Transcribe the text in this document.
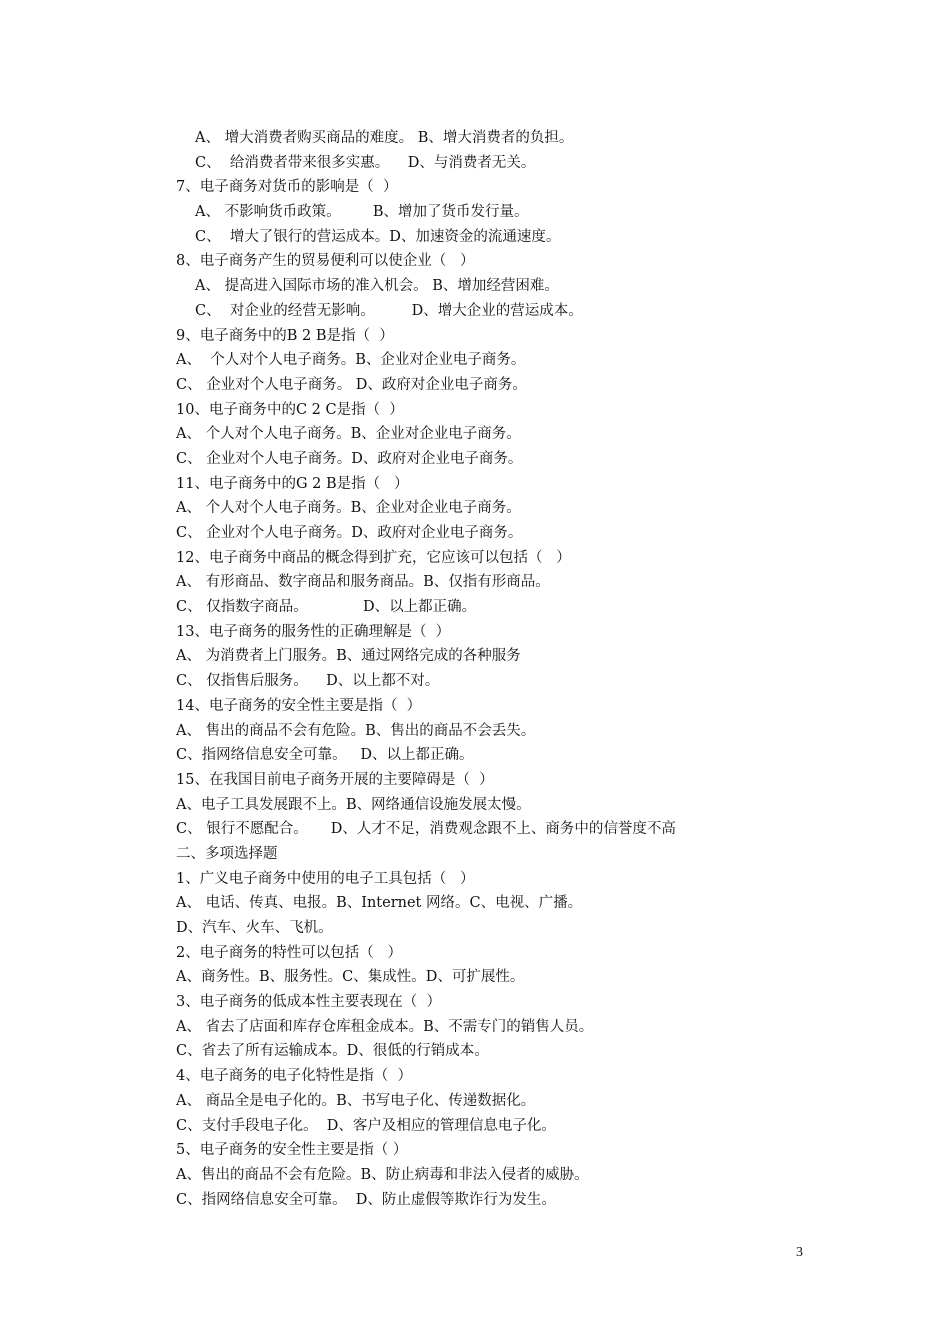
A、 增大消费者购买商品的难度。 B、增大消费者的负担。
C、  给消费者带来很多实惠。    D、与消费者无关。
7、电子商务对货币的影响是（  ）
A、 不影响货币政策。       B、增加了货币发行量。
C、  增大了银行的营运成本。D、加速资金的流通速度。
8、电子商务产生的贸易便利可以使企业（   ）
A、 提高进入国际市场的准入机会。 B、增加经营困难。
C、  对企业的经营无影响。        D、增大企业的营运成本。
9、电子商务中的B 2 B是指（  ）
A、  个人对个人电子商务。B、企业对企业电子商务。
C、 企业对个人电子商务。 D、政府对企业电子商务。
10、电子商务中的C 2 C是指（  ）
A、 个人对个人电子商务。B、企业对企业电子商务。
C、 企业对个人电子商务。D、政府对企业电子商务。
11、电子商务中的G 2 B是指（   ）
A、 个人对个人电子商务。B、企业对企业电子商务。
C、 企业对个人电子商务。D、政府对企业电子商务。
12、电子商务中商品的概念得到扩充，它应该可以包括（   ）
A、 有形商品、数字商品和服务商品。B、仅指有形商品。
C、 仅指数字商品。            D、以上都正确。
13、电子商务的服务性的正确理解是（  ）
A、 为消费者上门服务。B、通过网络完成的各种服务
C、 仅指售后服务。    D、以上都不对。
14、电子商务的安全性主要是指（  ）
A、 售出的商品不会有危险。B、售出的商品不会丢失。
C、指网络信息安全可靠。   D、以上都正确。
15、在我国目前电子商务开展的主要障碍是（  ）
A、电子工具发展跟不上。B、网络通信设施发展太慢。
C、 银行不愿配合。     D、人才不足，消费观念跟不上、商务中的信誉度不高
二、多项选择题
1、广义电子商务中使用的电子工具包括（   ）
A、 电话、传真、电报。B、Internet 网络。C、电视、广播。
D、汽车、火车、飞机。
2、电子商务的特性可以包括（   ）
A、商务性。B、服务性。C、集成性。D、可扩展性。
3、电子商务的低成本性主要表现在（  ）
A、 省去了店面和库存仓库租金成本。B、不需专门的销售人员。
C、省去了所有运输成本。D、很低的行销成本。
4、电子商务的电子化特性是指（  ）
A、 商品全是电子化的。B、书写电子化、传递数据化。
C、支付手段电子化。  D、客户及相应的管理信息电子化。
5、电子商务的安全性主要是指（ ）
A、售出的商品不会有危险。B、防止病毒和非法入侵者的威胁。
C、指网络信息安全可靠。  D、防止虚假等欺诈行为发生。
3
